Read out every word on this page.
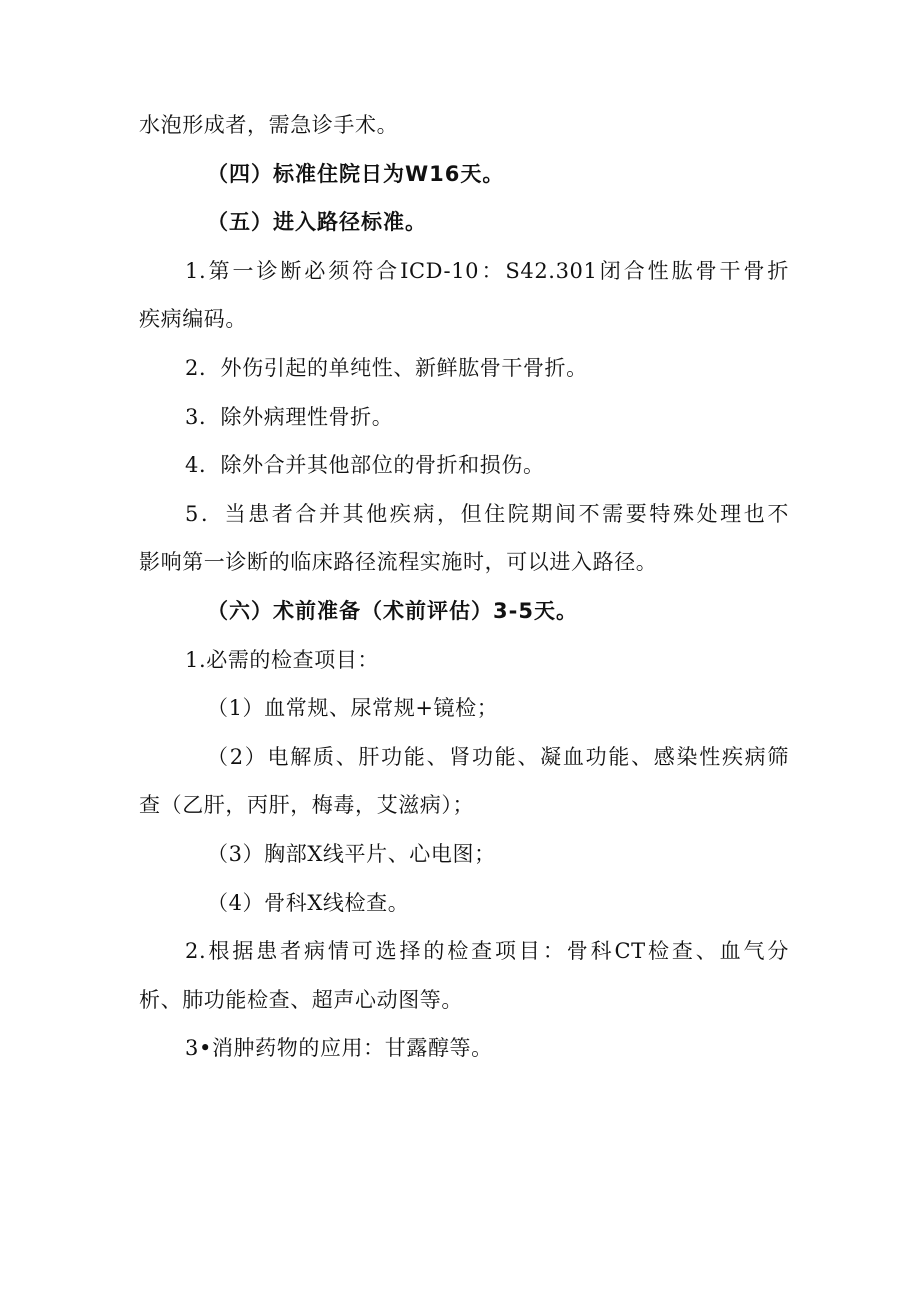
水泡形成者，需急诊手术。
（四）标准住院日为W16天。
（五）进入路径标准。
1.第一诊断必须符合ICD-10：S42.301闭合性肱骨干骨折
疾病编码。
2．外伤引起的单纯性、新鲜肱骨干骨折。
3．除外病理性骨折。
4．除外合并其他部位的骨折和损伤。
5．当患者合并其他疾病，但住院期间不需要特殊处理也不
影响第一诊断的临床路径流程实施时，可以进入路径。
（六）术前准备（术前评估）3-5天。
1.必需的检查项目：
（1）血常规、尿常规+镜检；
（2）电解质、肝功能、肾功能、凝血功能、感染性疾病筛
查（乙肝，丙肝，梅毒，艾滋病）；
（3）胸部X线平片、心电图；
（4）骨科X线检查。
2.根据患者病情可选择的检查项目：骨科CT检查、血气分
析、肺功能检查、超声心动图等。
3•消肿药物的应用：甘露醇等。
